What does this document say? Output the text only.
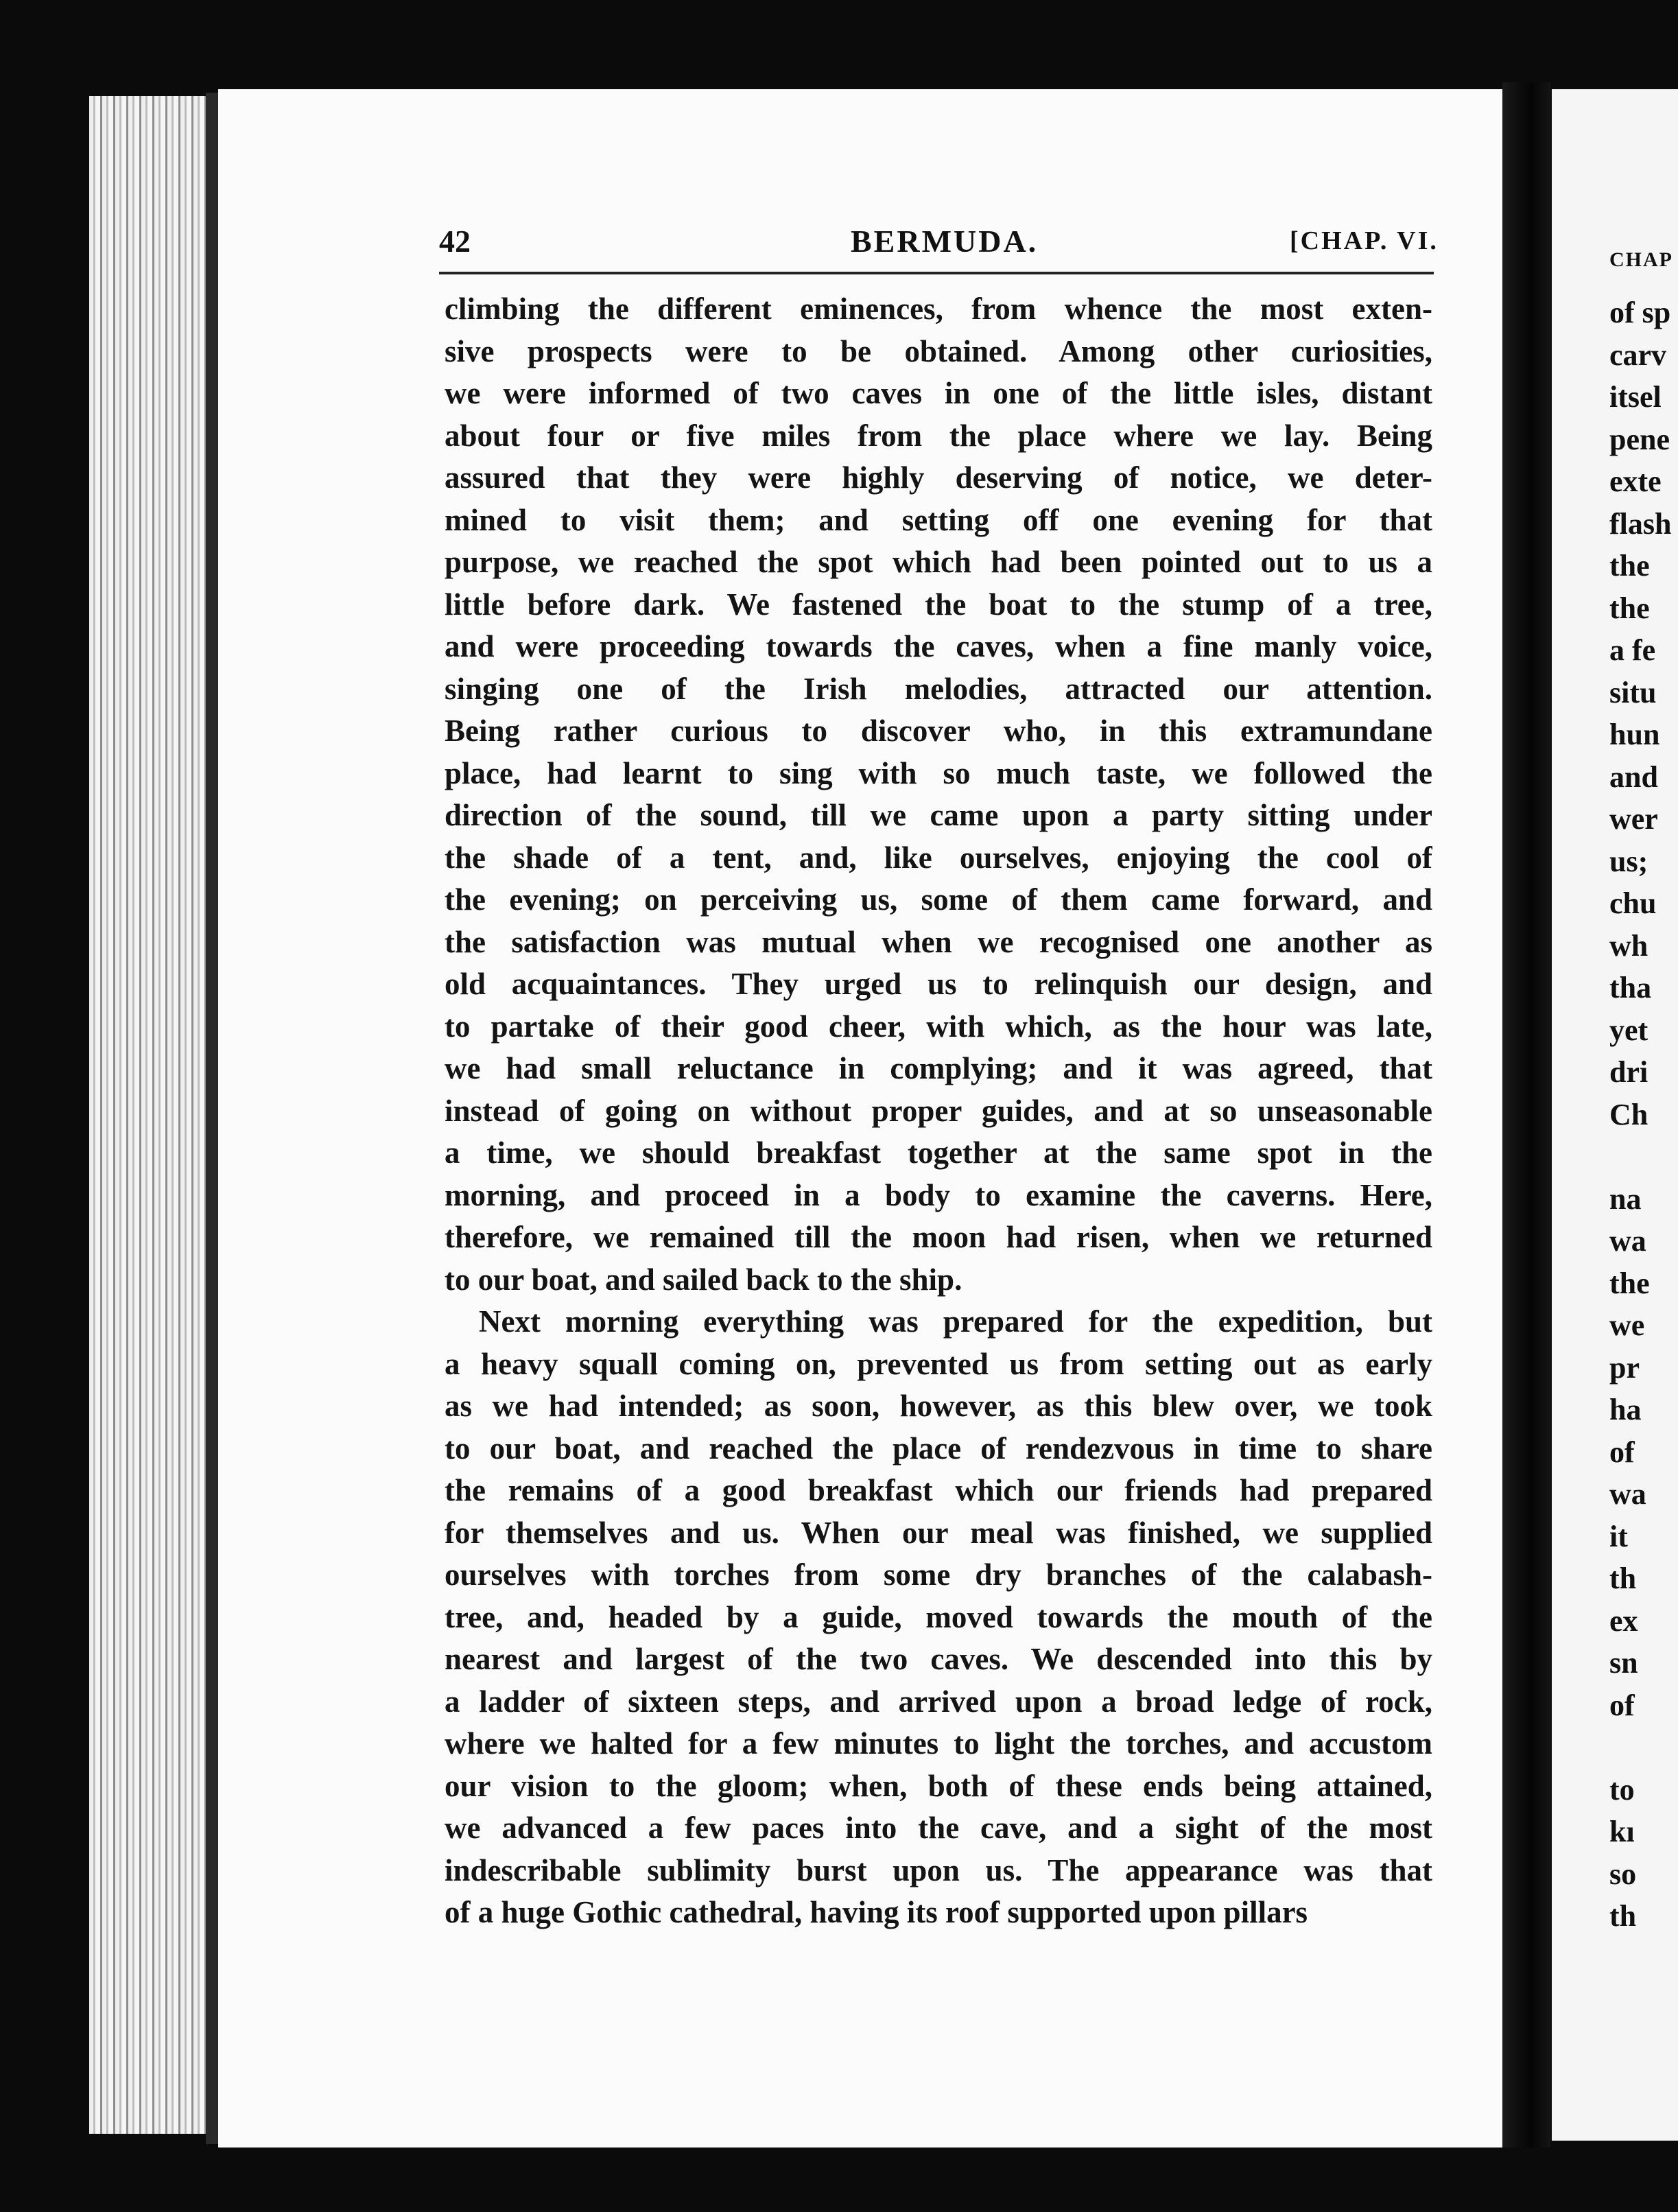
CHAP
of sp
carv
itsel
pene
exte
flash
the
the
a fe
situ
hun
and
wer
us;
chu
wh
tha
yet
dri
Ch
na
wa
the
we
pr
ha
of
wa
it
th
ex
sn
of
to
kı
so
th
42	BERMUDA.	[CHAP. VI.
climbing the different eminences, from whence the most exten-
sive prospects were to be obtained. Among other curiosities,
we were informed of two caves in one of the little isles, distant
about four or five miles from the place where we lay. Being
assured that they were highly deserving of notice, we deter-
mined to visit them; and setting off one evening for that
purpose, we reached the spot which had been pointed out to us a
little before dark. We fastened the boat to the stump of a tree,
and were proceeding towards the caves, when a fine manly voice,
singing one of the Irish melodies, attracted our attention.
Being rather curious to discover who, in this extramundane
place, had learnt to sing with so much taste, we followed the
direction of the sound, till we came upon a party sitting under
the shade of a tent, and, like ourselves, enjoying the cool of
the evening; on perceiving us, some of them came forward, and
the satisfaction was mutual when we recognised one another as
old acquaintances. They urged us to relinquish our design, and
to partake of their good cheer, with which, as the hour was late,
we had small reluctance in complying; and it was agreed, that
instead of going on without proper guides, and at so unseasonable
a time, we should breakfast together at the same spot in the
morning, and proceed in a body to examine the caverns. Here,
therefore, we remained till the moon had risen, when we returned
to our boat, and sailed back to the ship.
Next morning everything was prepared for the expedition, but
a heavy squall coming on, prevented us from setting out as early
as we had intended; as soon, however, as this blew over, we took
to our boat, and reached the place of rendezvous in time to share
the remains of a good breakfast which our friends had prepared
for themselves and us. When our meal was finished, we supplied
ourselves with torches from some dry branches of the calabash-
tree, and, headed by a guide, moved towards the mouth of the
nearest and largest of the two caves. We descended into this by
a ladder of sixteen steps, and arrived upon a broad ledge of rock,
where we halted for a few minutes to light the torches, and accustom
our vision to the gloom; when, both of these ends being attained,
we advanced a few paces into the cave, and a sight of the most
indescribable sublimity burst upon us. The appearance was that
of a huge Gothic cathedral, having its roof supported upon pillars
